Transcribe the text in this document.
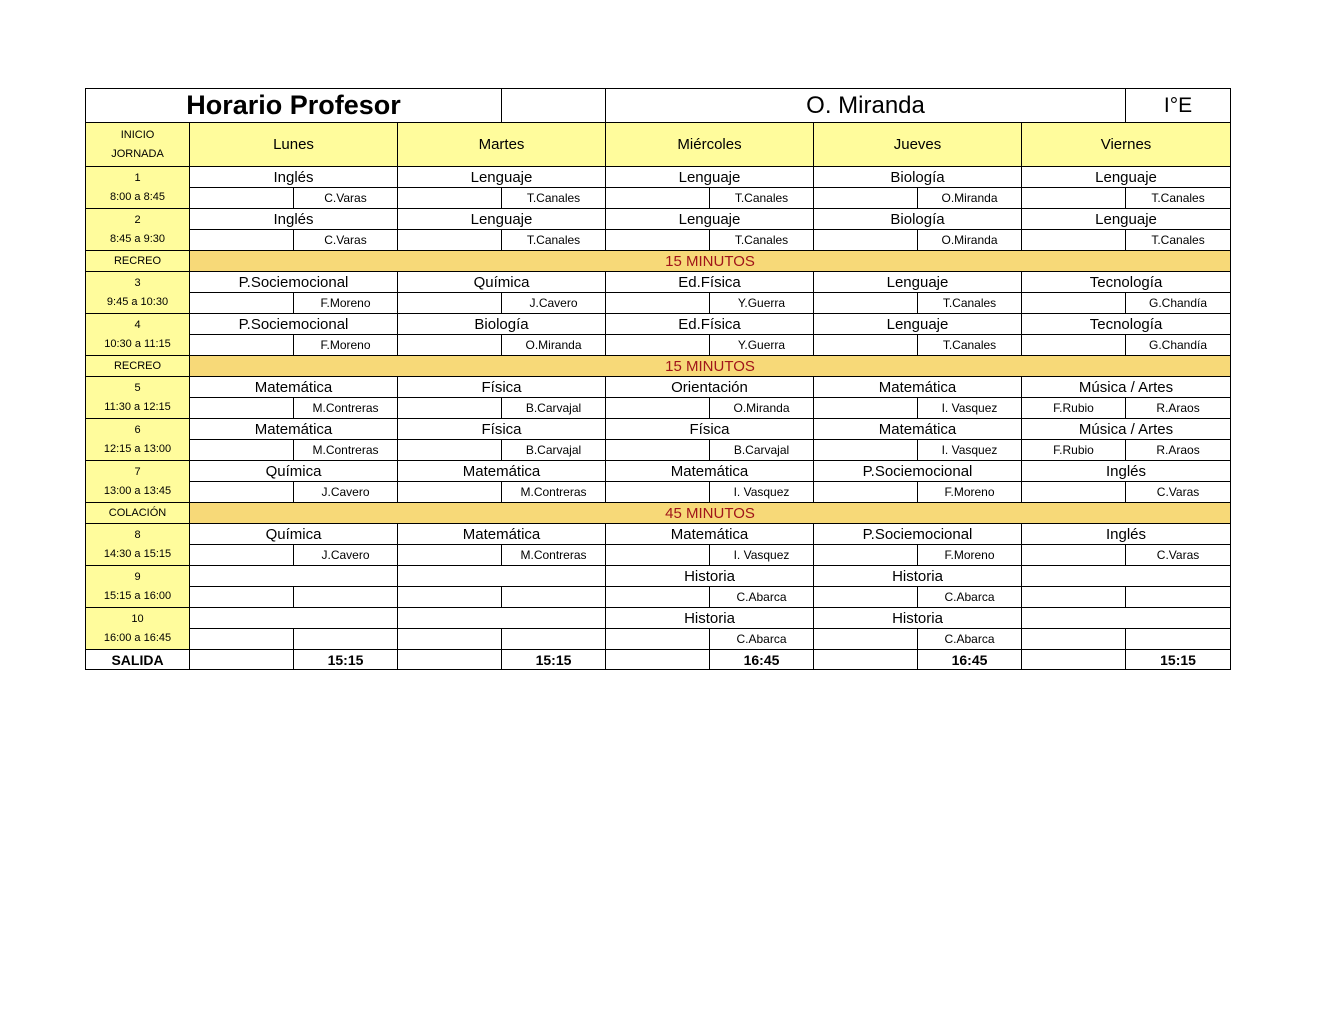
Horario Profesor					O. Miranda					I°E
INICIO
JORNADA	Lunes		Martes		Miércoles		Jueves		Viernes	
1
8:00 a 8:45	Inglés		Lenguaje		Lenguaje		Biología		Lenguaje	
		C.Varas		T.Canales		T.Canales		O.Miranda		T.Canales
2
8:45 a 9:30	Inglés		Lenguaje		Lenguaje		Biología		Lenguaje	
		C.Varas		T.Canales		T.Canales		O.Miranda		T.Canales
RECREO	15 MINUTOS									
3
9:45 a 10:30	P.Sociemocional		Química		Ed.Física		Lenguaje		Tecnología	
		F.Moreno		J.Cavero		Y.Guerra		T.Canales		G.Chandía
4
10:30 a 11:15	P.Sociemocional		Biología		Ed.Física		Lenguaje		Tecnología	
		F.Moreno		O.Miranda		Y.Guerra		T.Canales		G.Chandía
RECREO	15 MINUTOS									
5
11:30 a 12:15	Matemática		Física		Orientación		Matemática		Música / Artes	
		M.Contreras		B.Carvajal		O.Miranda		I. Vasquez	F.Rubio	R.Araos
6
12:15 a 13:00	Matemática		Física		Física		Matemática		Música / Artes	
		M.Contreras		B.Carvajal		B.Carvajal		I. Vasquez	F.Rubio	R.Araos
7
13:00 a 13:45	Química		Matemática		Matemática		P.Sociemocional		Inglés	
		J.Cavero		M.Contreras		I. Vasquez		F.Moreno		C.Varas
COLACIÓN	45 MINUTOS									
8
14:30 a 15:15	Química		Matemática		Matemática		P.Sociemocional		Inglés	
		J.Cavero		M.Contreras		I. Vasquez		F.Moreno		C.Varas
9
15:15 a 16:00					Historia		Historia			
						C.Abarca		C.Abarca		
10
16:00 a 16:45					Historia		Historia			
						C.Abarca		C.Abarca		
SALIDA		15:15		15:15		16:45		16:45		15:15
